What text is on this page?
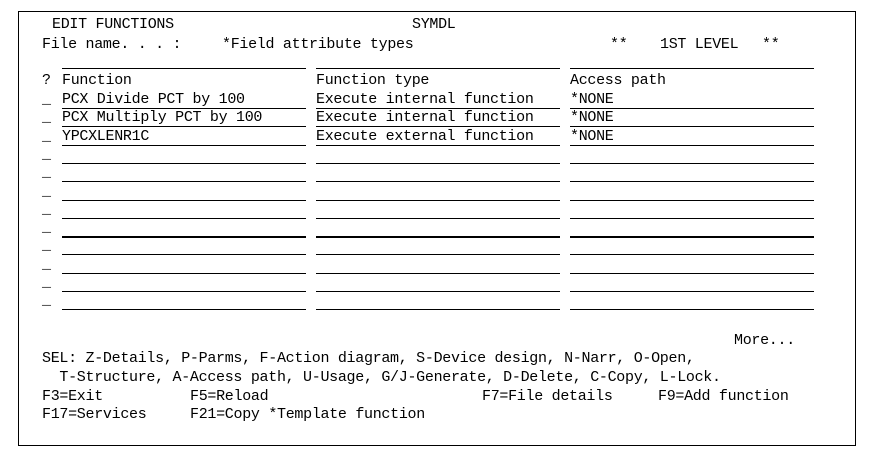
EDIT FUNCTIONS	SYMDL
File name. . . :	*Field attribute types	** 1ST LEVEL **
? Function	Function type	Access path
_ PCX Divide PCT by 100	Execute internal function	*NONE
_ PCX Multiply PCT by 100	Execute internal function	*NONE
_ YPCXLENR1C	Execute external function	*NONE
_
_
_
_
_
_
_
_
_
More...
SEL: Z-Details, P-Parms, F-Action diagram, S-Device design, N-Narr, O-Open,
T-Structure, A-Access path, U-Usage, G/J-Generate, D-Delete, C-Copy, L-Lock.
F3=Exit	F5=Reload	F7=File details	F9=Add function
F17=Services	F21=Copy *Template function
